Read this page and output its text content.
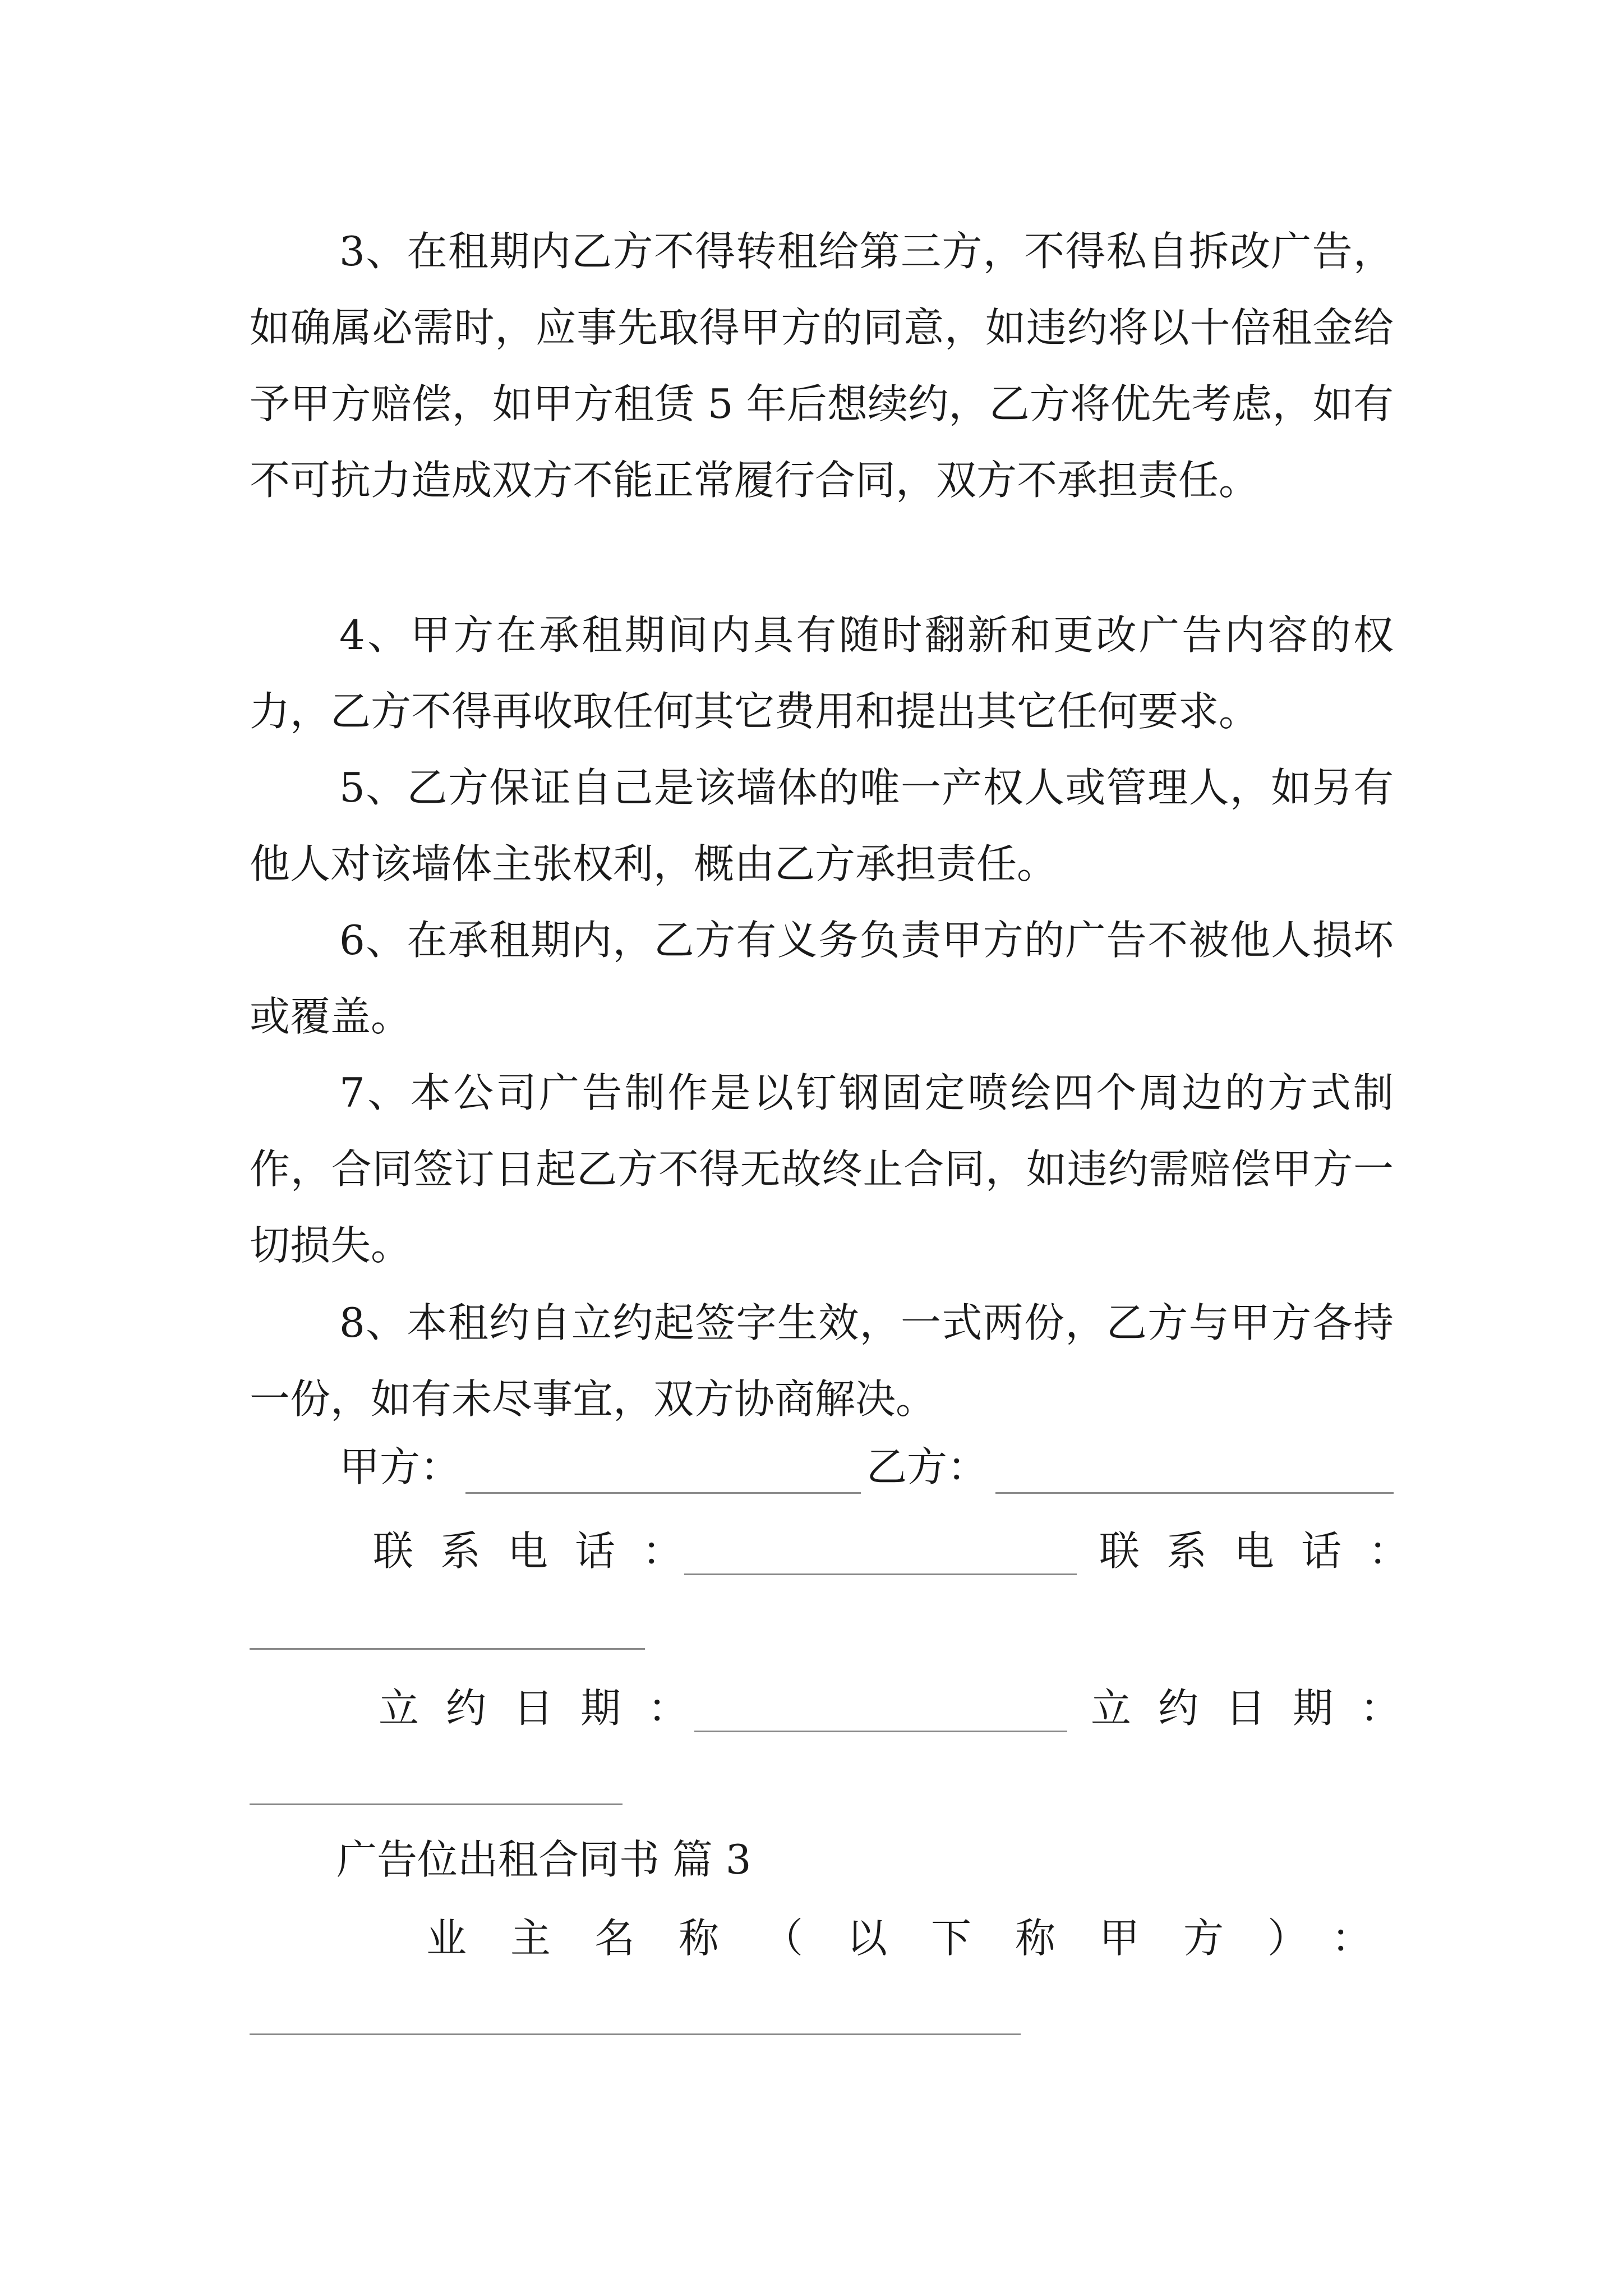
3、在租期内乙方不得转租给第三方，不得私自拆改广告，如确属必需时，应事先取得甲方的同意，如违约将以十倍租金给予甲方赔偿，如甲方租赁 5 年后想续约，乙方将优先考虑，如有不可抗力造成双方不能正常履行合同，双方不承担责任。

4、甲方在承租期间内具有随时翻新和更改广告内容的权力，乙方不得再收取任何其它费用和提出其它任何要求。

5、乙方保证自己是该墙体的唯一产权人或管理人，如另有他人对该墙体主张权利，概由乙方承担责任。

6、在承租期内，乙方有义务负责甲方的广告不被他人损坏或覆盖。

7、本公司广告制作是以钉钢固定喷绘四个周边的方式制作，合同签订日起乙方不得无故终止合同，如违约需赔偿甲方一切损失。

8、本租约自立约起签字生效，一式两份，乙方与甲方各持一份，如有未尽事宜，双方协商解决。

甲方：	乙方：
联系电话：	联系电话：
立约日期：	立约日期：
广告位出租合同书 篇 3
业主名称（以下称甲方）：
